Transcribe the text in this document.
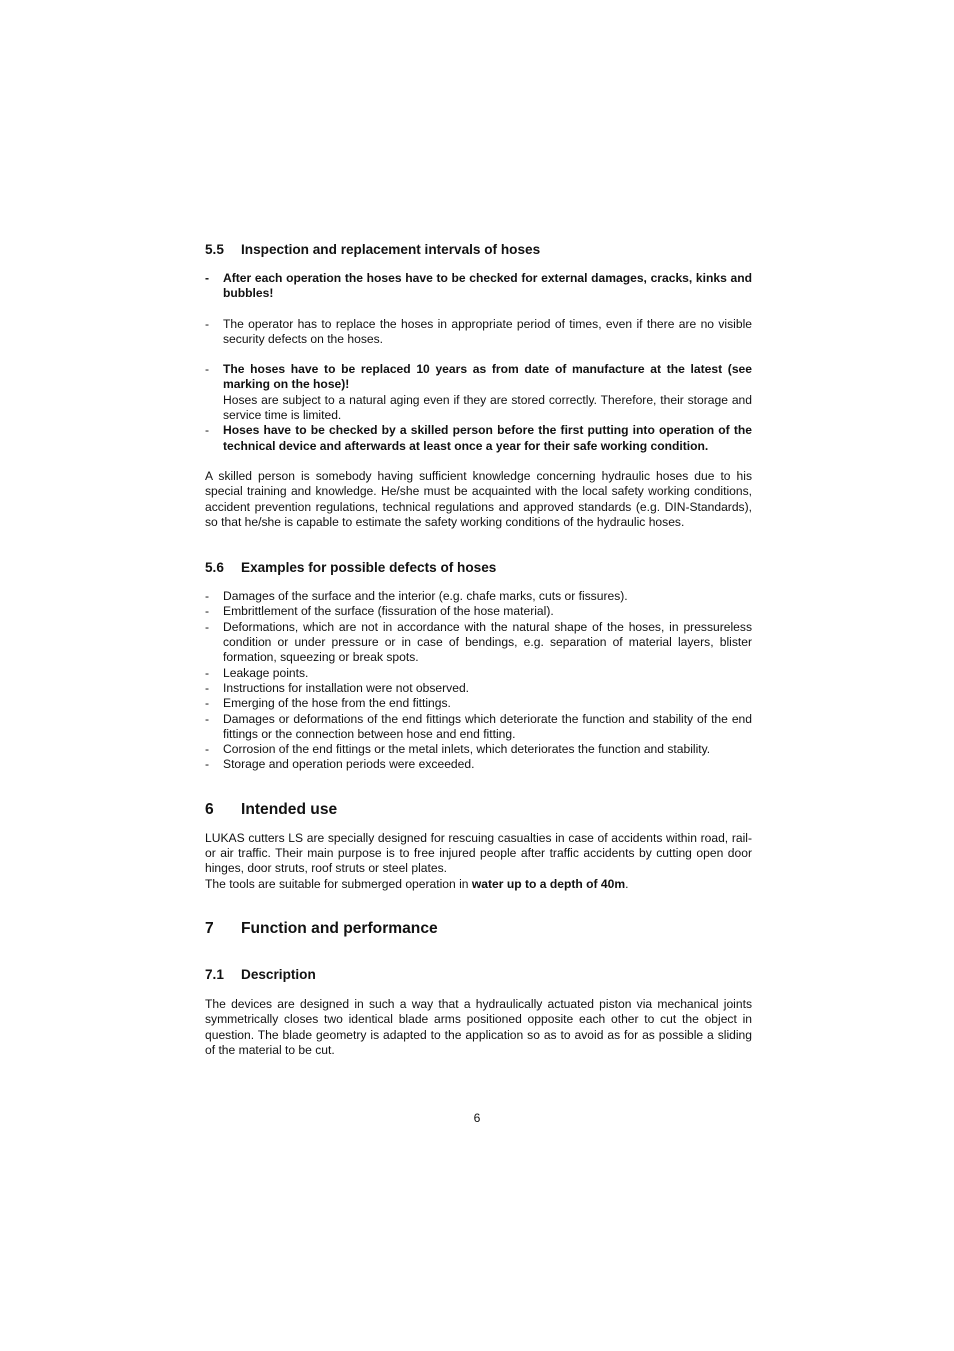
5.5 Inspection and replacement intervals of hoses
- After each operation the hoses have to be checked for external damages, cracks, kinks and bubbles!
- The operator has to replace the hoses in appropriate period of times, even if there are no visible security defects on the hoses.
- The hoses have to be replaced 10 years as from date of manufacture at the latest (see marking on the hose)!
Hoses are subject to a natural aging even if they are stored correctly. Therefore, their storage and service time is limited.
- Hoses have to be checked by a skilled person before the first putting into operation of the technical device and afterwards at least once a year for their safe working condition.

A skilled person is somebody having sufficient knowledge concerning hydraulic hoses due to his special training and knowledge. He/she must be acquainted with the local safety working conditions, accident prevention regulations, technical regulations and approved standards (e.g. DIN-Standards), so that he/she is capable to estimate the safety working conditions of the hydraulic hoses.

5.6 Examples for possible defects of hoses
- Damages of the surface and the interior (e.g. chafe marks, cuts or fissures).
- Embrittlement of the surface (fissuration of the hose material).
- Deformations, which are not in accordance with the natural shape of the hoses, in pressureless condition or under pressure or in case of bendings, e.g. separation of material layers, blister formation, squeezing or break spots.
- Leakage points.
- Instructions for installation were not observed.
- Emerging of the hose from the end fittings.
- Damages or deformations of the end fittings which deteriorate the function and stability of the end fittings or the connection between hose and end fitting.
- Corrosion of the end fittings or the metal inlets, which deteriorates the function and stability.
- Storage and operation periods were exceeded.
6 Intended use

LUKAS cutters LS are specially designed for rescuing casualties in case of accidents within road, rail- or air traffic. Their main purpose is to free injured people after traffic accidents by cutting open door hinges, door struts, roof struts or steel plates.
The tools are suitable for submerged operation in water up to a depth of 40m.

7 Function and performance
7.1 Description

The devices are designed in such a way that a hydraulically actuated piston via mechanical joints symmetrically closes two identical blade arms positioned opposite each other to cut the object in question. The blade geometry is adapted to the application so as to avoid as for as possible a sliding of the material to be cut.

6
